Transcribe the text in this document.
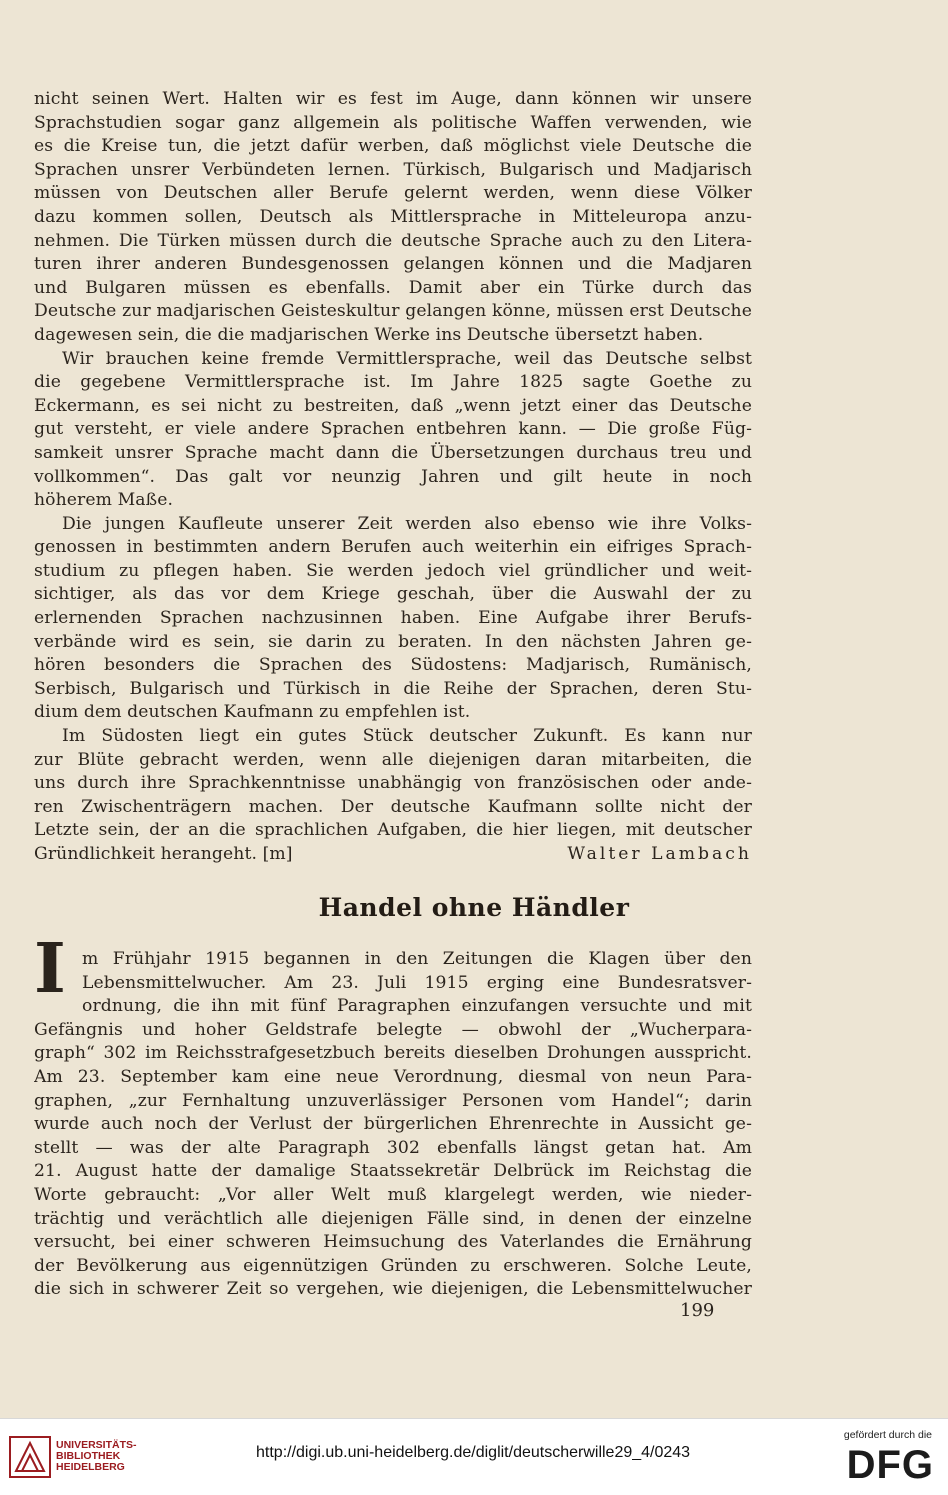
nicht seinen Wert. Halten wir es fest im Auge, dann können wir unsere
Sprachstudien sogar ganz allgemein als politische Waffen verwenden, wie
es die Kreise tun, die jetzt dafür werben, daß möglichst viele Deutsche die
Sprachen unsrer Verbündeten lernen. Türkisch, Bulgarisch und Madjarisch
müssen von Deutschen aller Berufe gelernt werden, wenn diese Völker
dazu kommen sollen, Deutsch als Mittlersprache in Mitteleuropa anzu-
nehmen. Die Türken müssen durch die deutsche Sprache auch zu den Litera-
turen ihrer anderen Bundesgenossen gelangen können und die Madjaren
und Bulgaren müssen es ebenfalls. Damit aber ein Türke durch das
Deutsche zur madjarischen Geisteskultur gelangen könne, müssen erst Deutsche
dagewesen sein, die die madjarischen Werke ins Deutsche übersetzt haben.

Wir brauchen keine fremde Vermittlersprache, weil das Deutsche selbst
die gegebene Vermittlersprache ist. Im Jahre 1825 sagte Goethe zu
Eckermann, es sei nicht zu bestreiten, daß „wenn jetzt einer das Deutsche
gut versteht, er viele andere Sprachen entbehren kann. — Die große Füg-
samkeit unsrer Sprache macht dann die Übersetzungen durchaus treu und
vollkommen“. Das galt vor neunzig Jahren und gilt heute in noch
höherem Maße.

Die jungen Kaufleute unserer Zeit werden also ebenso wie ihre Volks-
genossen in bestimmten andern Berufen auch weiterhin ein eifriges Sprach-
studium zu pflegen haben. Sie werden jedoch viel gründlicher und weit-
sichtiger, als das vor dem Kriege geschah, über die Auswahl der zu
erlernenden Sprachen nachzusinnen haben. Eine Aufgabe ihrer Berufs-
verbände wird es sein, sie darin zu beraten. In den nächsten Jahren ge-
hören besonders die Sprachen des Südostens: Madjarisch, Rumänisch,
Serbisch, Bulgarisch und Türkisch in die Reihe der Sprachen, deren Stu-
dium dem deutschen Kaufmann zu empfehlen ist.

Im Südosten liegt ein gutes Stück deutscher Zukunft. Es kann nur
zur Blüte gebracht werden, wenn alle diejenigen daran mitarbeiten, die
uns durch ihre Sprachkenntnisse unabhängig von französischen oder ande-
ren Zwischenträgern machen. Der deutsche Kaufmann sollte nicht der
Letzte sein, der an die sprachlichen Aufgaben, die hier liegen, mit deutscher

Gründlichkeit herangeht. [m]	Walter Lambach
Handel ohne Händler
I m Frühjahr 1915 begannen in den Zeitungen die Klagen über den
Lebensmittelwucher. Am 23. Juli 1915 erging eine Bundesratsver-
ordnung, die ihn mit fünf Paragraphen einzufangen versuchte und mit
Gefängnis und hoher Geldstrafe belegte — obwohl der „Wucherpara-
graph“ 302 im Reichsstrafgesetzbuch bereits dieselben Drohungen ausspricht.
Am 23. September kam eine neue Verordnung, diesmal von neun Para-
graphen, „zur Fernhaltung unzuverlässiger Personen vom Handel“; darin
wurde auch noch der Verlust der bürgerlichen Ehrenrechte in Aussicht ge-
stellt — was der alte Paragraph 302 ebenfalls längst getan hat. Am
21. August hatte der damalige Staatssekretär Delbrück im Reichstag die
Worte gebraucht: „Vor aller Welt muß klargelegt werden, wie nieder-
trächtig und verächtlich alle diejenigen Fälle sind, in denen der einzelne
versucht, bei einer schweren Heimsuchung des Vaterlandes die Ernährung
der Bevölkerung aus eigennützigen Gründen zu erschweren. Solche Leute,
die sich in schwerer Zeit so vergehen, wie diejenigen, die Lebensmittelwucher

199
UNIVERSITÄTS-
BIBLIOTHEK
HEIDELBERG
http://digi.ub.uni-heidelberg.de/diglit/deutscherwille29_4/0243
gefördert durch die
DFG
